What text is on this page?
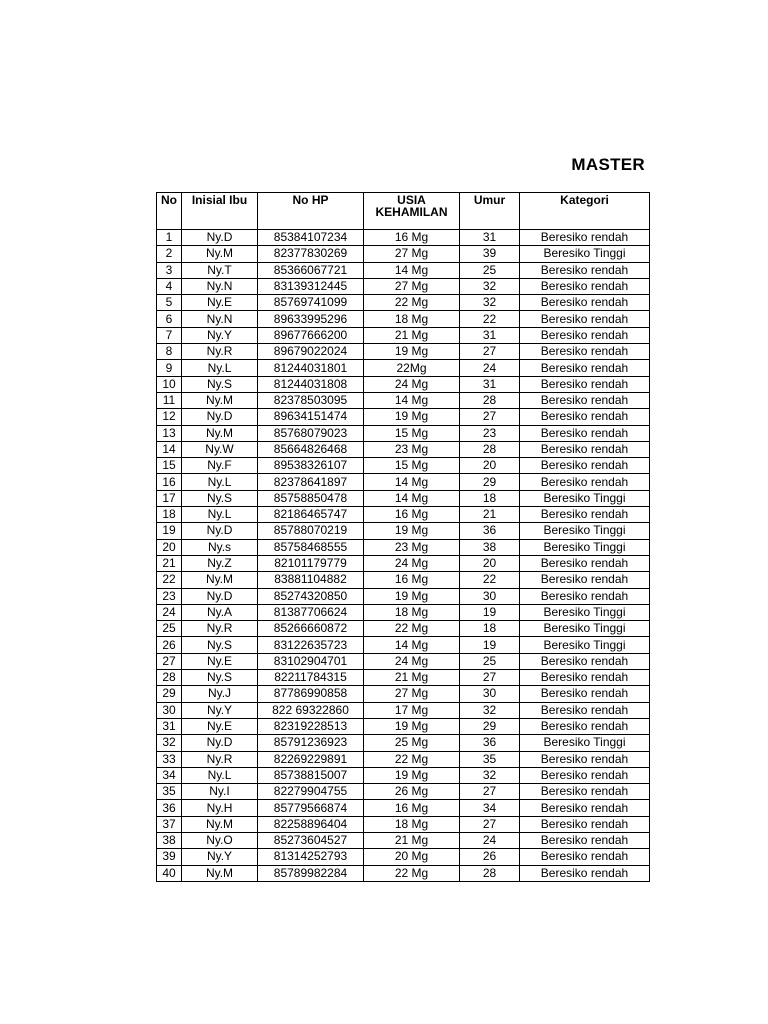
MASTER
No	Inisial Ibu	No HP	USIA KEHAMILAN	Umur	Kategori
1	Ny.D	85384107234	16 Mg	31	Beresiko rendah
2	Ny.M	82377830269	27 Mg	39	Beresiko Tinggi
3	Ny.T	85366067721	14 Mg	25	Beresiko rendah
4	Ny.N	83139312445	27 Mg	32	Beresiko rendah
5	Ny.E	85769741099	22 Mg	32	Beresiko rendah
6	Ny.N	89633995296	18 Mg	22	Beresiko rendah
7	Ny.Y	89677666200	21 Mg	31	Beresiko rendah
8	Ny.R	89679022024	19 Mg	27	Beresiko rendah
9	Ny.L	81244031801	22Mg	24	Beresiko rendah
10	Ny.S	81244031808	24 Mg	31	Beresiko rendah
11	Ny.M	82378503095	14 Mg	28	Beresiko rendah
12	Ny.D	89634151474	19 Mg	27	Beresiko rendah
13	Ny.M	85768079023	15 Mg	23	Beresiko rendah
14	Ny.W	85664826468	23 Mg	28	Beresiko rendah
15	Ny.F	89538326107	15 Mg	20	Beresiko rendah
16	Ny.L	82378641897	14 Mg	29	Beresiko rendah
17	Ny.S	85758850478	14 Mg	18	Beresiko Tinggi
18	Ny.L	82186465747	16 Mg	21	Beresiko rendah
19	Ny.D	85788070219	19 Mg	36	Beresiko Tinggi
20	Ny.s	85758468555	23 Mg	38	Beresiko Tinggi
21	Ny.Z	82101179779	24 Mg	20	Beresiko rendah
22	Ny.M	83881104882	16 Mg	22	Beresiko rendah
23	Ny.D	85274320850	19 Mg	30	Beresiko rendah
24	Ny.A	81387706624	18 Mg	19	Beresiko Tinggi
25	Ny.R	85266660872	22 Mg	18	Beresiko Tinggi
26	Ny.S	83122635723	14 Mg	19	Beresiko Tinggi
27	Ny.E	83102904701	24 Mg	25	Beresiko rendah
28	Ny.S	82211784315	21 Mg	27	Beresiko rendah
29	Ny.J	87786990858	27 Mg	30	Beresiko rendah
30	Ny.Y	822 69322860	17 Mg	32	Beresiko rendah
31	Ny.E	82319228513	19 Mg	29	Beresiko rendah
32	Ny.D	85791236923	25 Mg	36	Beresiko Tinggi
33	Ny.R	82269229891	22 Mg	35	Beresiko rendah
34	Ny.L	85738815007	19 Mg	32	Beresiko rendah
35	Ny.I	82279904755	26 Mg	27	Beresiko rendah
36	Ny.H	85779566874	16 Mg	34	Beresiko rendah
37	Ny.M	82258896404	18 Mg	27	Beresiko rendah
38	Ny.O	85273604527	21 Mg	24	Beresiko rendah
39	Ny.Y	81314252793	20 Mg	26	Beresiko rendah
40	Ny.M	85789982284	22 Mg	28	Beresiko rendah
